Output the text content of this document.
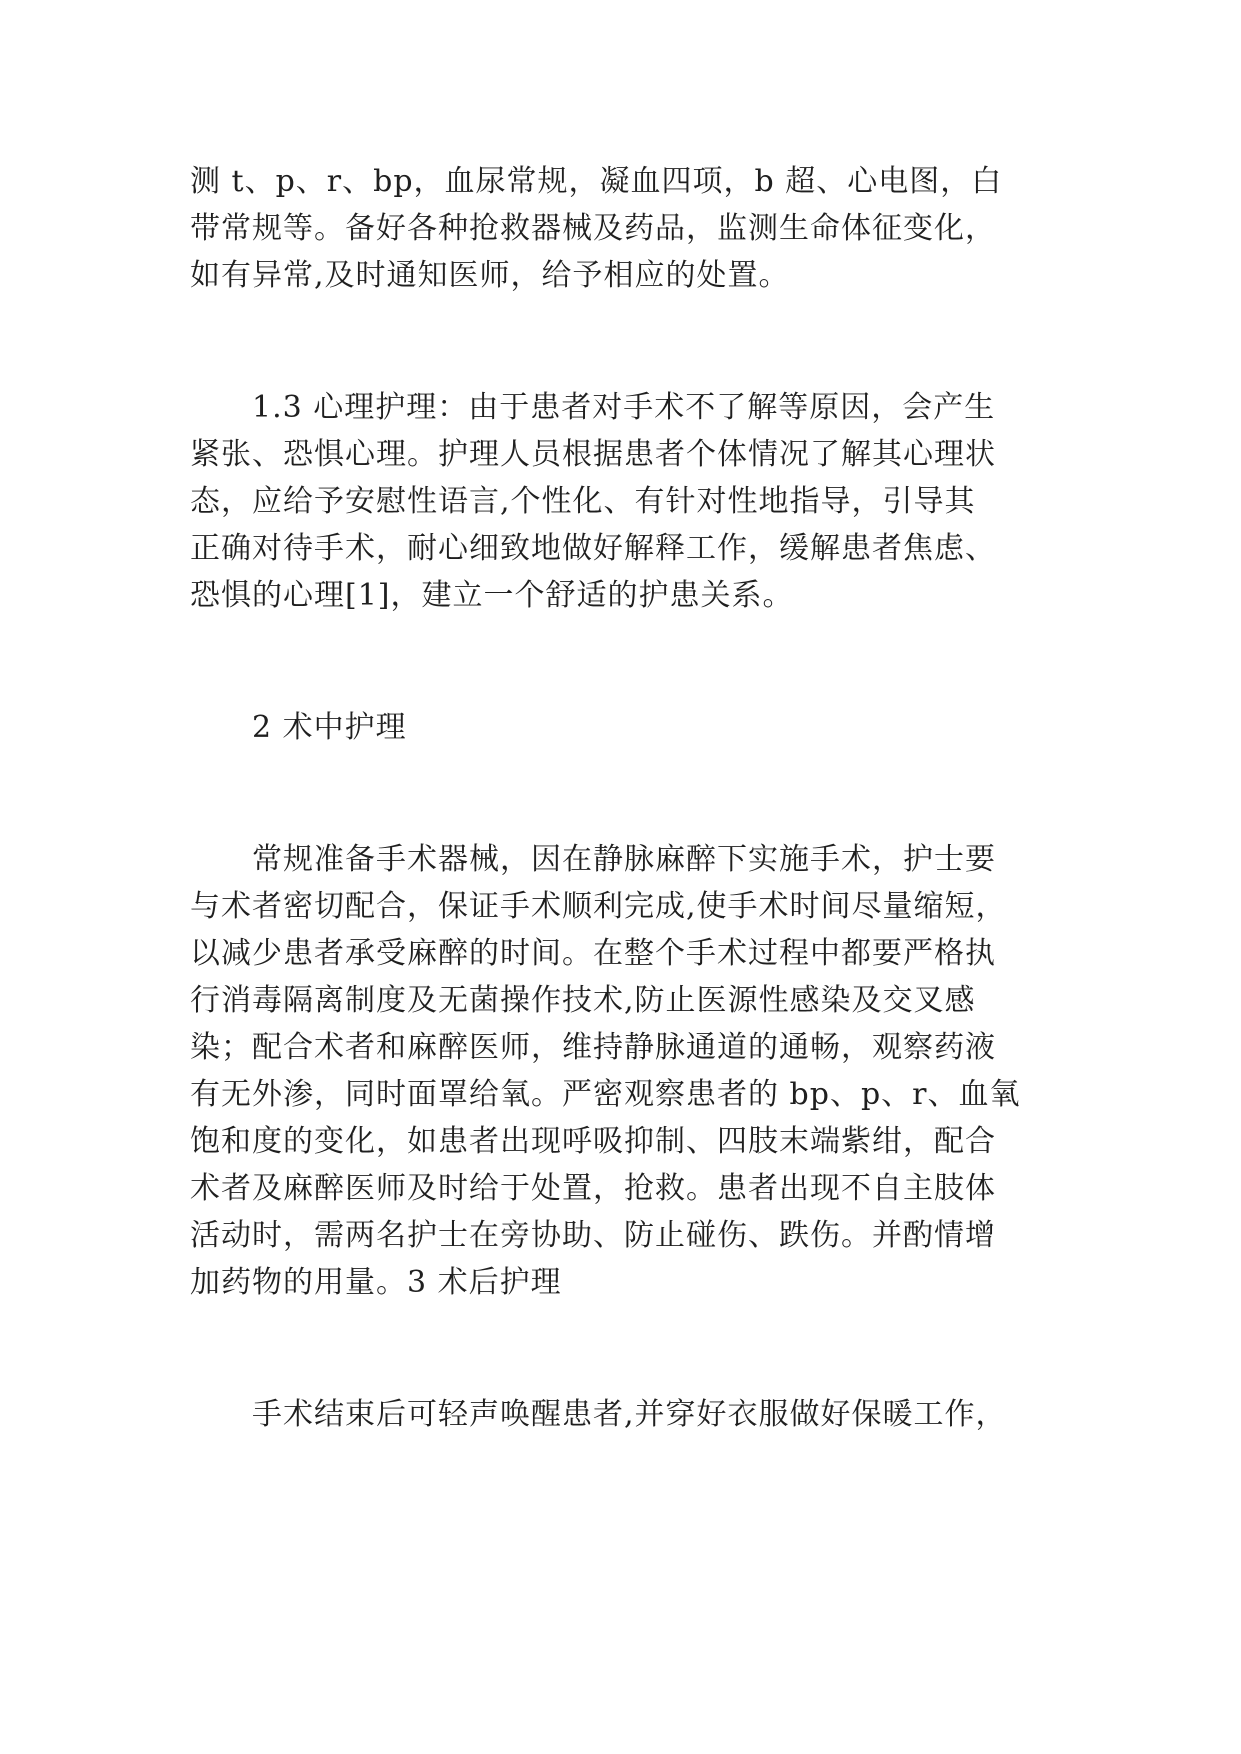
测 t、p、r、bp，血尿常规，凝血四项，b 超、心电图，白
带常规等。备好各种抢救器械及药品，监测生命体征变化，
如有异常,及时通知医师，给予相应的处置。
1.3 心理护理：由于患者对手术不了解等原因，会产生
紧张、恐惧心理。护理人员根据患者个体情况了解其心理状
态，应给予安慰性语言,个性化、有针对性地指导，引导其
正确对待手术，耐心细致地做好解释工作，缓解患者焦虑、
恐惧的心理[1]，建立一个舒适的护患关系。
2 术中护理
常规准备手术器械，因在静脉麻醉下实施手术，护士要
与术者密切配合，保证手术顺利完成,使手术时间尽量缩短，
以减少患者承受麻醉的时间。在整个手术过程中都要严格执
行消毒隔离制度及无菌操作技术,防止医源性感染及交叉感
染；配合术者和麻醉医师，维持静脉通道的通畅，观察药液
有无外渗，同时面罩给氧。严密观察患者的 bp、p、r、血氧
饱和度的变化，如患者出现呼吸抑制、四肢末端紫绀，配合
术者及麻醉医师及时给于处置，抢救。患者出现不自主肢体
活动时，需两名护士在旁协助、防止碰伤、跌伤。并酌情增
加药物的用量。3 术后护理
手术结束后可轻声唤醒患者,并穿好衣服做好保暖工作，
